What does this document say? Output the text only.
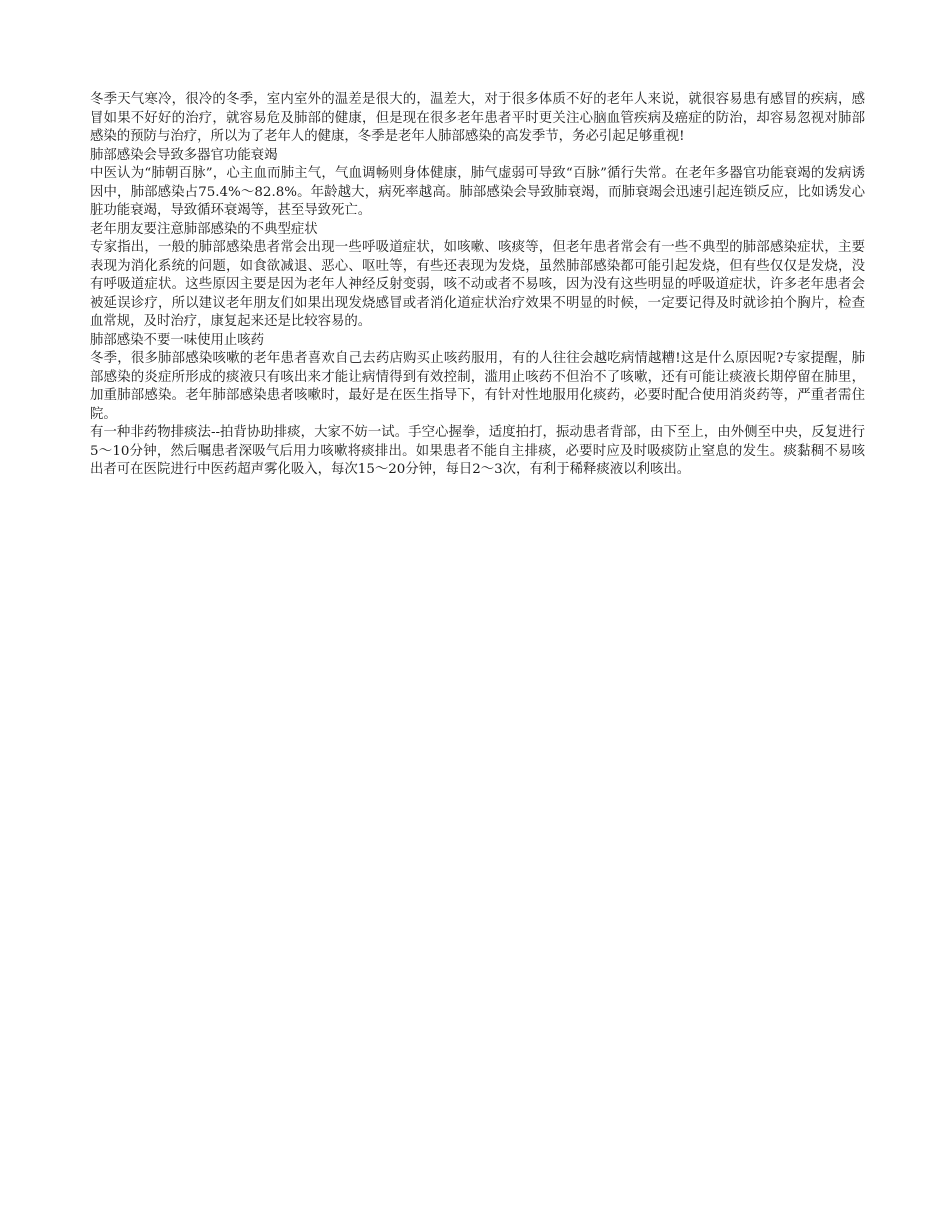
冬季天气寒冷，很冷的冬季，室内室外的温差是很大的，温差大，对于很多体质不好的老年人来说，就很容易患有感冒的疾病，感冒如果不好好的治疗，就容易危及肺部的健康，但是现在很多老年患者平时更关注心脑血管疾病及癌症的防治，却容易忽视对肺部感染的预防与治疗，所以为了老年人的健康，冬季是老年人肺部感染的高发季节，务必引起足够重视!

肺部感染会导致多器官功能衰竭

中医认为“肺朝百脉”，心主血而肺主气，气血调畅则身体健康，肺气虚弱可导致“百脉”循行失常。在老年多器官功能衰竭的发病诱因中，肺部感染占75.4%～82.8%。年龄越大，病死率越高。肺部感染会导致肺衰竭，而肺衰竭会迅速引起连锁反应，比如诱发心脏功能衰竭，导致循环衰竭等，甚至导致死亡。

老年朋友要注意肺部感染的不典型症状

专家指出，一般的肺部感染患者常会出现一些呼吸道症状，如咳嗽、咳痰等，但老年患者常会有一些不典型的肺部感染症状，主要表现为消化系统的问题，如食欲减退、恶心、呕吐等，有些还表现为发烧，虽然肺部感染都可能引起发烧，但有些仅仅是发烧，没有呼吸道症状。这些原因主要是因为老年人神经反射变弱，咳不动或者不易咳，因为没有这些明显的呼吸道症状，许多老年患者会被延误诊疗，所以建议老年朋友们如果出现发烧感冒或者消化道症状治疗效果不明显的时候，一定要记得及时就诊拍个胸片，检查血常规，及时治疗，康复起来还是比较容易的。

肺部感染不要一味使用止咳药

冬季，很多肺部感染咳嗽的老年患者喜欢自己去药店购买止咳药服用，有的人往往会越吃病情越糟!这是什么原因呢?专家提醒，肺部感染的炎症所形成的痰液只有咳出来才能让病情得到有效控制，滥用止咳药不但治不了咳嗽，还有可能让痰液长期停留在肺里，加重肺部感染。老年肺部感染患者咳嗽时，最好是在医生指导下，有针对性地服用化痰药，必要时配合使用消炎药等，严重者需住院。

有一种非药物排痰法--拍背协助排痰，大家不妨一试。手空心握拳，适度拍打，振动患者背部，由下至上，由外侧至中央，反复进行5～10分钟，然后嘱患者深吸气后用力咳嗽将痰排出。如果患者不能自主排痰，必要时应及时吸痰防止窒息的发生。痰黏稠不易咳出者可在医院进行中医药超声雾化吸入，每次15～20分钟，每日2～3次，有利于稀释痰液以利咳出。
